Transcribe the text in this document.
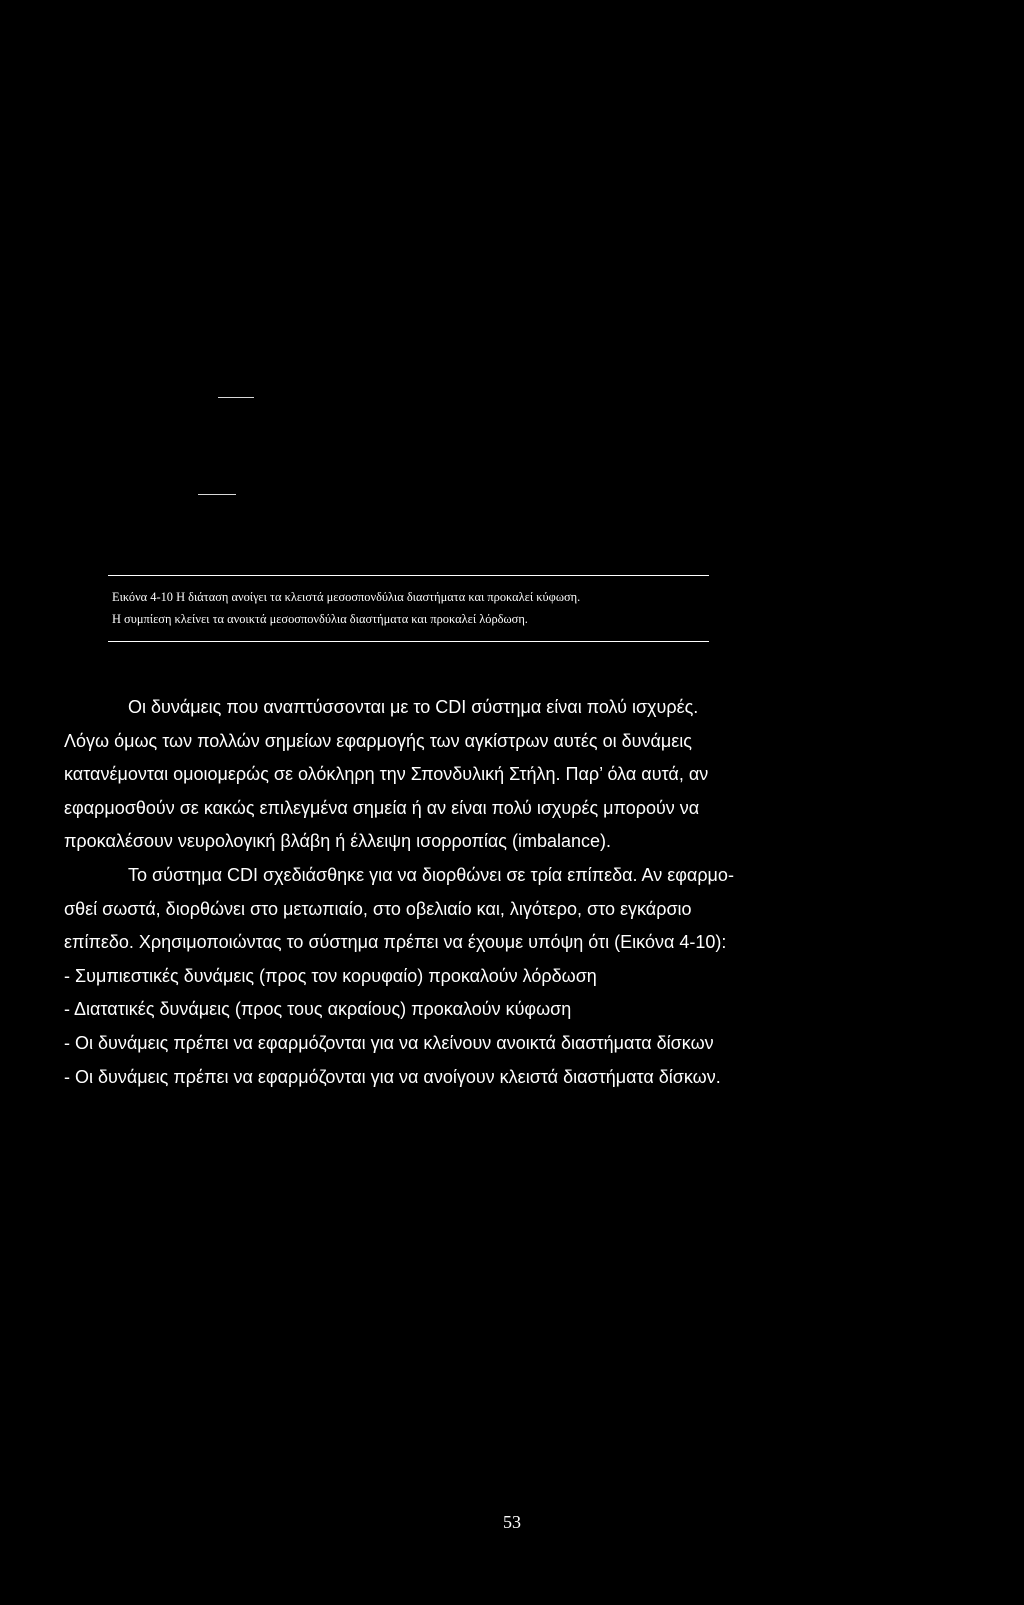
Εικόνα 4-10 Η διάταση ανοίγει τα κλειστά μεσοσπονδύλια διαστήματα και προκαλεί κύφωση.
Η συμπίεση κλείνει τα ανοικτά μεσοσπονδύλια διαστήματα και προκαλεί λόρδωση.
Οι δυνάμεις που αναπτύσσονται με το CDI σύστημα είναι πολύ ισχυρές.
Λόγω όμως των πολλών σημείων εφαρμογής των αγκίστρων αυτές οι δυνάμεις
κατανέμονται ομοιομερώς σε ολόκληρη την Σπονδυλική Στήλη. Παρ’ όλα αυτά, αν
εφαρμοσθούν σε κακώς επιλεγμένα σημεία ή αν είναι πολύ ισχυρές μπορούν να
προκαλέσουν νευρολογική βλάβη ή έλλειψη ισορροπίας (imbalance).
Το σύστημα CDI σχεδιάσθηκε για να διορθώνει σε τρία επίπεδα. Αν εφαρμο-
σθεί σωστά, διορθώνει στο μετωπιαίο, στο οβελιαίο και, λιγότερο, στο εγκάρσιο
επίπεδο. Χρησιμοποιώντας το σύστημα πρέπει να έχουμε υπόψη ότι (Εικόνα 4-10):
- Συμπιεστικές δυνάμεις (προς τον κορυφαίο) προκαλούν λόρδωση
- Διατατικές δυνάμεις (προς τους ακραίους) προκαλούν κύφωση
- Οι δυνάμεις πρέπει να εφαρμόζονται για να κλείνουν ανοικτά διαστήματα δίσκων
- Οι δυνάμεις πρέπει να εφαρμόζονται για να ανοίγουν κλειστά διαστήματα δίσκων.
53
